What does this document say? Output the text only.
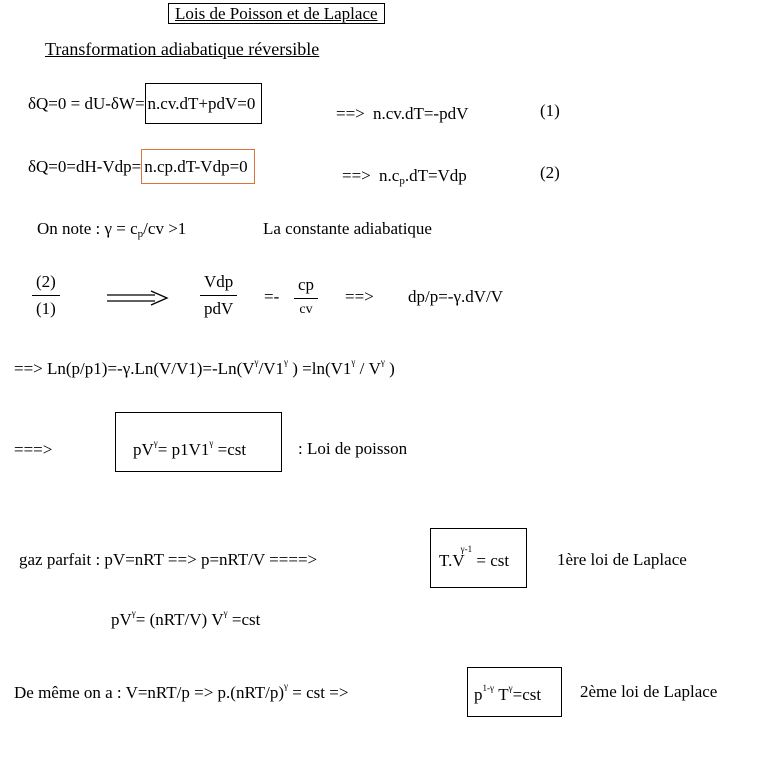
Lois de Poisson et de Laplace
Transformation adiabatique réversible
δQ=0 = dU-δW= n.cv.dT+pdV=0
==> n.cv.dT=-pdV	(1)
δQ=0=dH-Vdp= n.cp.dT-Vdp=0	==> n.cp.dT=Vdp	(2)
On note : γ = cp/cv >1	La constante adiabatique
$\frac{(2)}{(1)}$	$\frac{\text{Vdp}}{\text{pdV}} =- \frac{cp}{cv}$ ==> dp/p=-γ.dV/V
==> $Ln(p/p1)=-\gamma.Ln(V/V1)=-Ln(V^\gamma/V1^\gamma$ ) $=\ln(V1^\gamma / V^\gamma$ )
===>	$pV^\gamma= p1V1^\gamma =cst$	: Loi de poisson
gaz parfait : pV=nRT ==> p=nRT/V ====>	$T.V^{\gamma-1}$ = cst	1ère loi de Laplace
$pV^\gamma= (nRT/V)$ $V^\gamma =cst$
De même on a : $V=nRT/p => p.(nRT/p)^\gamma$ = cst =>	$p^{1-\gamma}$ $T^\gamma=cst$ 2ème loi de Laplace
